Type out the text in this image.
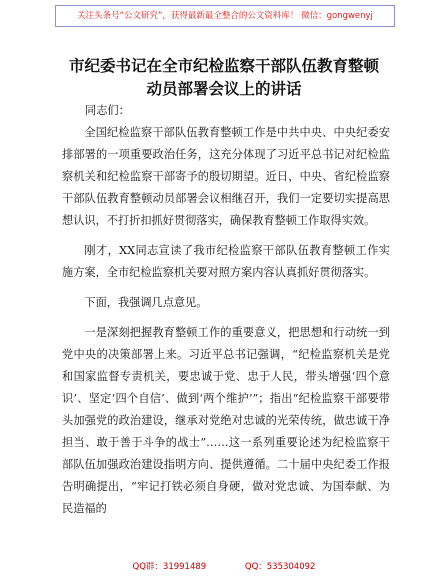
关注头条号“公文研究”，获得最新最全整合的公文资料库！ 微信：gongwenyj
市纪委书记在全市纪检监察干部队伍教育整顿
动员部署会议上的讲话
同志们：

全国纪检监察干部队伍教育整顿工作是中共中央、中央纪委安排部署的一项重要政治任务，这充分体现了习近平总书记对纪检监察机关和纪检监察干部寄予的殷切期望。近日，中央、省纪检监察干部队伍教育整顿动员部署会议相继召开，我们一定要切实提高思想认识，不打折扣抓好贯彻落实，确保教育整顿工作取得实效。

刚才，XX同志宣读了我市纪检监察干部队伍教育整顿工作实施方案，全市纪检监察机关要对照方案内容认真抓好贯彻落实。

下面，我强调几点意见。

一是深刻把握教育整顿工作的重要意义，把思想和行动统一到党中央的决策部署上来。习近平总书记强调，“纪检监察机关是党和国家监督专责机关，要忠诚于党、忠于人民，带头增强‘四个意识’、坚定‘四个自信’、做到‘两个维护’”；指出“纪检监察干部要带头加强党的政治建设，继承对党绝对忠诚的光荣传统，做忠诚干净担当、敢于善于斗争的战士”……这一系列重要论述为纪检监察干部队伍加强政治建设指明方向、提供遵循。二十届中央纪委工作报告明确提出，“牢记打铁必须自身硬，做对党忠诚、为国奉献、为民造福的

QQ群：31991489	QQ：535304092
